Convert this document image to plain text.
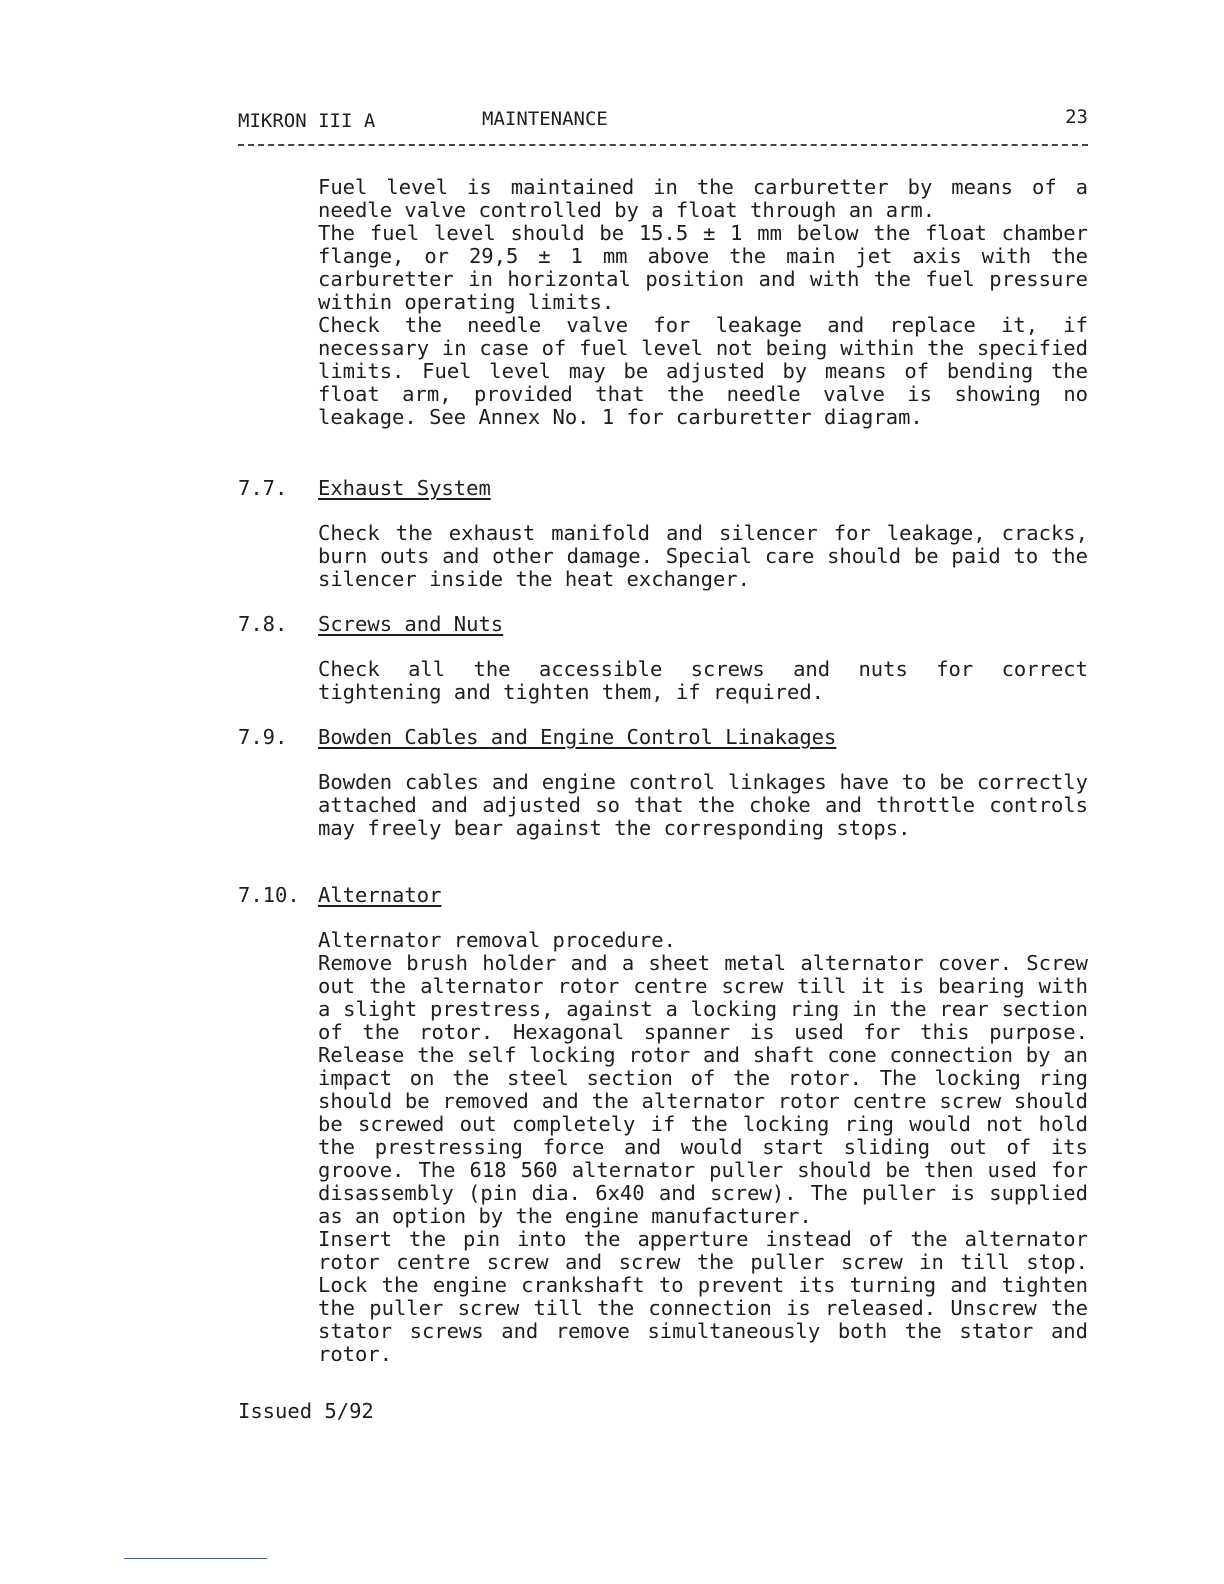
MIKRON III A	MAINTENANCE	23

Fuel level is maintained in the carburetter by means of a needle valve controlled by a float through an arm.

The fuel level should be 15.5 ± 1 mm below the float chamber flange, or 29,5 ± 1 mm above the main jet axis with the carburetter in horizontal position and with the fuel pressure within operating limits.

Check the needle valve for leakage and replace it, if necessary in case of fuel level not being within the specified limits. Fuel level may be adjusted by means of bending the float arm, provided that the needle valve is showing no leakage. See Annex No. 1 for carburetter diagram.

7.7. Exhaust System

Check the exhaust manifold and silencer for leakage, cracks, burn outs and other damage. Special care should be paid to the silencer inside the heat exchanger.

7.8. Screws and Nuts

Check all the accessible screws and nuts for correct tightening and tighten them, if required.

7.9. Bowden Cables and Engine Control Linakages

Bowden cables and engine control linkages have to be correctly attached and adjusted so that the choke and throttle controls may freely bear against the corresponding stops.

7.10. Alternator

Alternator removal procedure.

Remove brush holder and a sheet metal alternator cover. Screw out the alternator rotor centre screw till it is bearing with a slight prestress, against a locking ring in the rear section of the rotor. Hexagonal spanner is used for this purpose. Release the self locking rotor and shaft cone connection by an impact on the steel section of the rotor. The locking ring should be removed and the alternator rotor centre screw should be screwed out completely if the locking ring would not hold the prestressing force and would start sliding out of its groove. The 618 560 alternator puller should be then used for disassembly (pin dia. 6x40 and screw). The puller is supplied as an option by the engine manufacturer.

Insert the pin into the apperture instead of the alternator rotor centre screw and screw the puller screw in till stop. Lock the engine crankshaft to prevent its turning and tighten the puller screw till the connection is released. Unscrew the stator screws and remove simultaneously both the stator and rotor.

Issued 5/92
